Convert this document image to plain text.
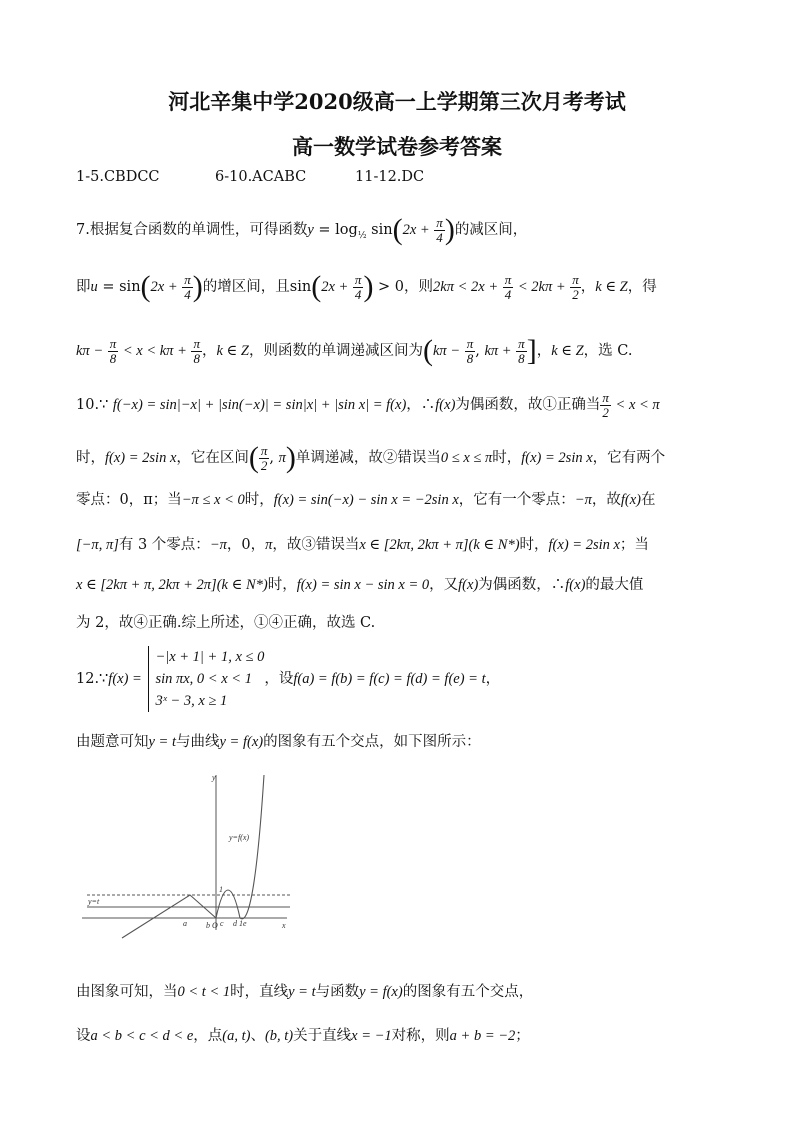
河北辛集中学2020级高一上学期第三次月考考试
高一数学试卷参考答案
1-5.CBDCC	6-10.ACABC	11-12.DC
7.根据复合函数的单调性，可得函数$y = \log_{\frac{1}{2}} \sin(2x + \frac{\pi}{4}$ )的减区间，
即$u = \sin(2x + \frac{\pi}{4}$ )的增区间，且$\sin(2x + \frac{\pi}{4}$ ) > 0，则$2k\pi < 2x + \frac{\pi}{4} < 2k\pi + \frac{\pi}{2}$ ，k ∈ Z，得
$k\pi - \frac{\pi}{8} < x < k\pi + \frac{\pi}{8}$ ，k ∈ Z，则函数的单调递减区间为($k\pi - \frac{\pi}{8}$ , $k\pi + \frac{\pi}{8}$ ]，k ∈ Z，选 C.
10.∵ f(−x) = sin|−x| + |sin(−x)| = sin|x| + |sin x| = f(x)，∴f(x)为偶函数，故①正确当 $\frac{\pi}{2} < x < \pi$
时，f(x) = 2sin x，它在区间( $\frac{\pi}{2}$ , π)单调递减，故②错误当0 ≤ x ≤ π时，f(x) = 2sin x，它有两个
零点：0，π；当−π ≤ x < 0时，f(x) = sin(−x) − sin x = −2sin x，它有一个零点：−π，故f(x)在
[−π, π]有 3 个零点：−π，0，π，故③错误当x ∈ [2kπ, 2kπ + π](k ∈ N*)时，f(x) = 2sin x；当
x ∈ [2kπ + π, 2kπ + 2π](k ∈ N*)时，f(x) = sin x − sin x = 0，又f(x)为偶函数，∴f(x)的最大值
为 2，故④正确.综上所述，①④正确，故选 C.
12.∵f(x) =
−|x + 1| + 1, x ≤ 0
sin πx, 0 < x < 1
3ˣ − 3, x ≥ 1
，设f(a) = f(b) = f(c) = f(d) = f(e) = t，
由题意可知y = t与曲线y = f(x)的图象有五个交点，如下图所示：
y=f(x)
y=t
1
a b O c d 1 e	x
y
由图象可知，当0 < t < 1时，直线y = t与函数y = f(x)的图象有五个交点，
设a < b < c < d < e，点(a, t)、(b, t)关于直线x = −1对称，则a + b = −2；
